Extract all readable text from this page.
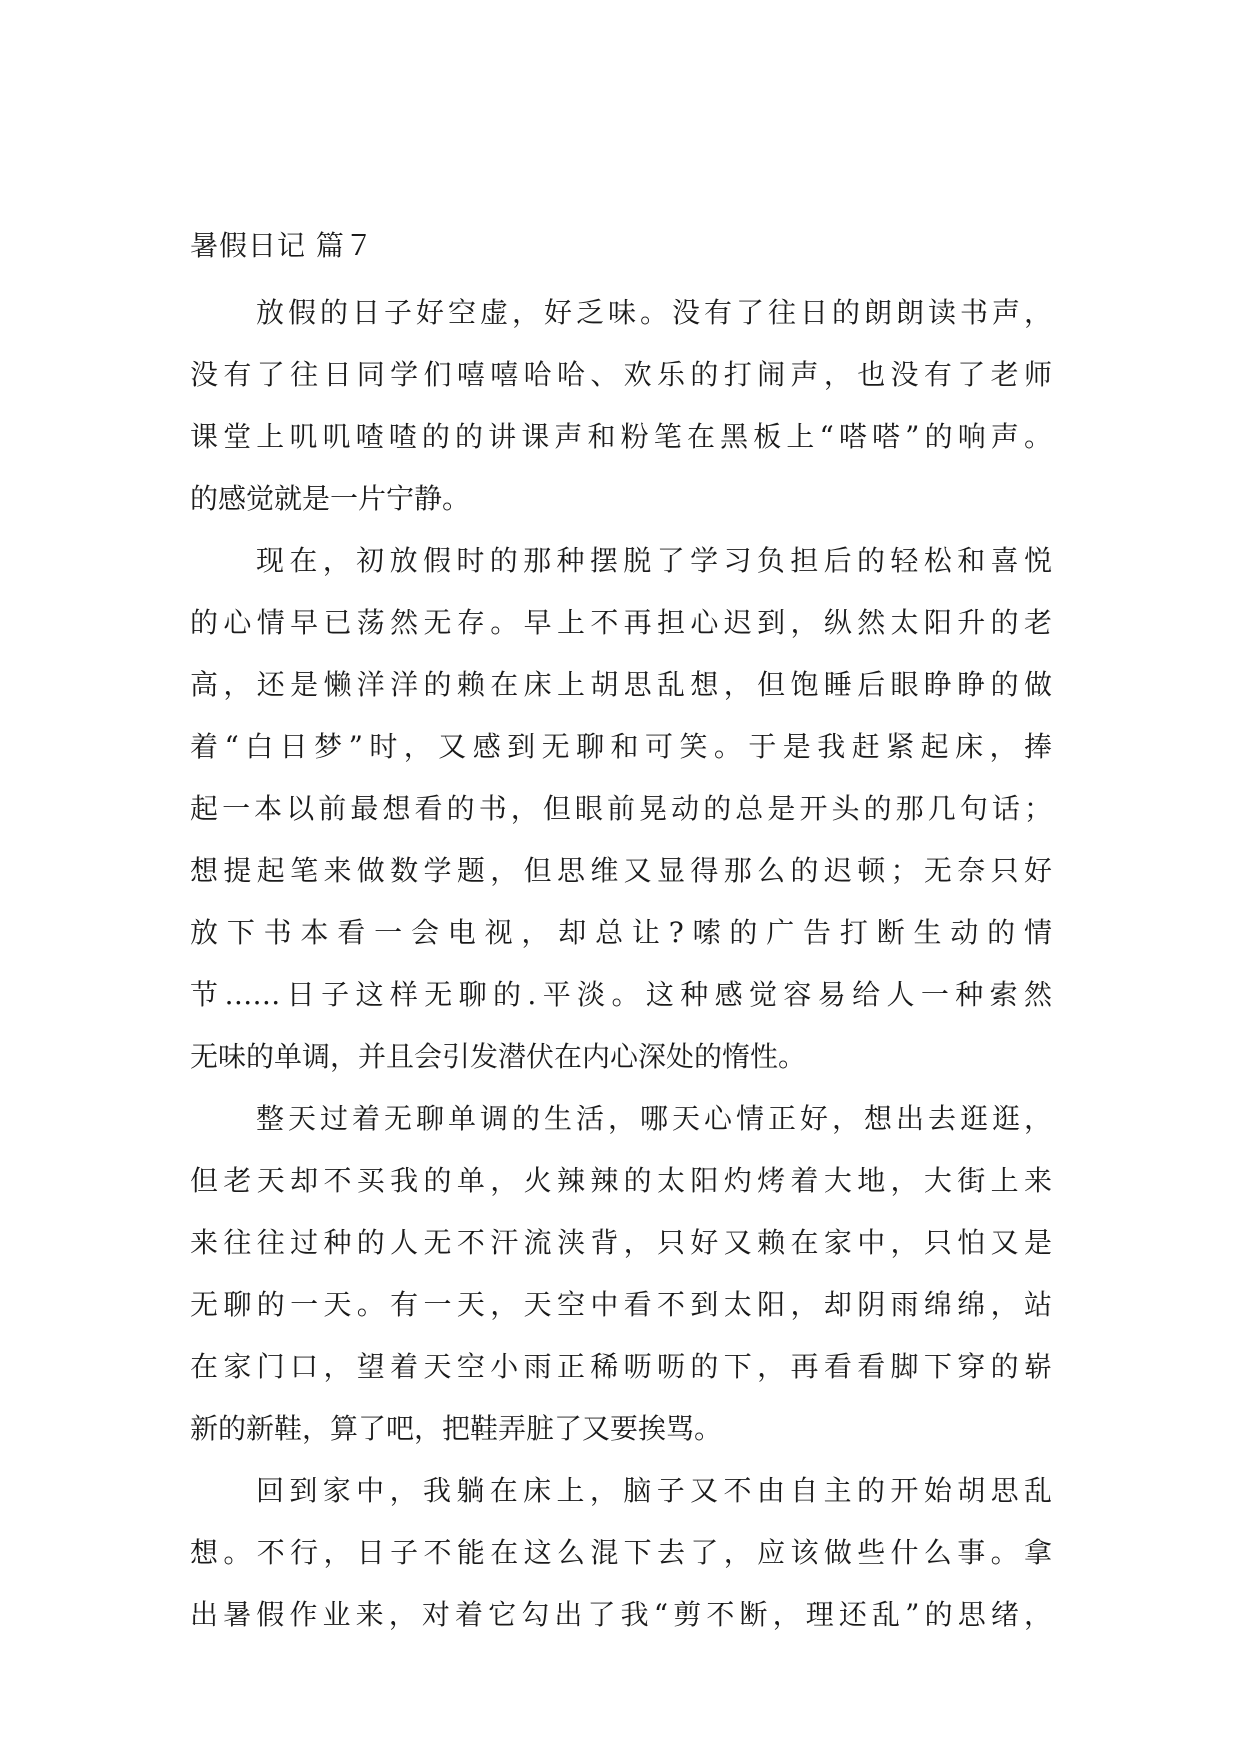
暑假日记 篇７
放假的日子好空虚，好乏味。没有了往日的朗朗读书声，
没有了往日同学们嘻嘻哈哈、欢乐的打闹声，也没有了老师
课堂上叽叽喳喳的的讲课声和粉笔在黑板上“嗒嗒”的响声。
的感觉就是一片宁静。
现在，初放假时的那种摆脱了学习负担后的轻松和喜悦
的心情早已荡然无存。早上不再担心迟到，纵然太阳升的老
高，还是懒洋洋的赖在床上胡思乱想，但饱睡后眼睁睁的做
着“白日梦”时，又感到无聊和可笑。于是我赶紧起床，捧
起一本以前最想看的书，但眼前晃动的总是开头的那几句话；
想提起笔来做数学题，但思维又显得那么的迟顿；无奈只好
放下书本看一会电视，却总让?嗦的广告打断生动的情
节……日子这样无聊的.平淡。这种感觉容易给人一种索然
无味的单调，并且会引发潜伏在内心深处的惰性。
整天过着无聊单调的生活，哪天心情正好，想出去逛逛，
但老天却不买我的单，火辣辣的太阳灼烤着大地，大街上来
来往往过种的人无不汗流浃背，只好又赖在家中，只怕又是
无聊的一天。有一天，天空中看不到太阳，却阴雨绵绵，站
在家门口，望着天空小雨正稀呖呖的下，再看看脚下穿的崭
新的新鞋，算了吧，把鞋弄脏了又要挨骂。
回到家中，我躺在床上，脑子又不由自主的开始胡思乱
想。不行，日子不能在这么混下去了，应该做些什么事。拿
出暑假作业来，对着它勾出了我“剪不断，理还乱”的思绪，
